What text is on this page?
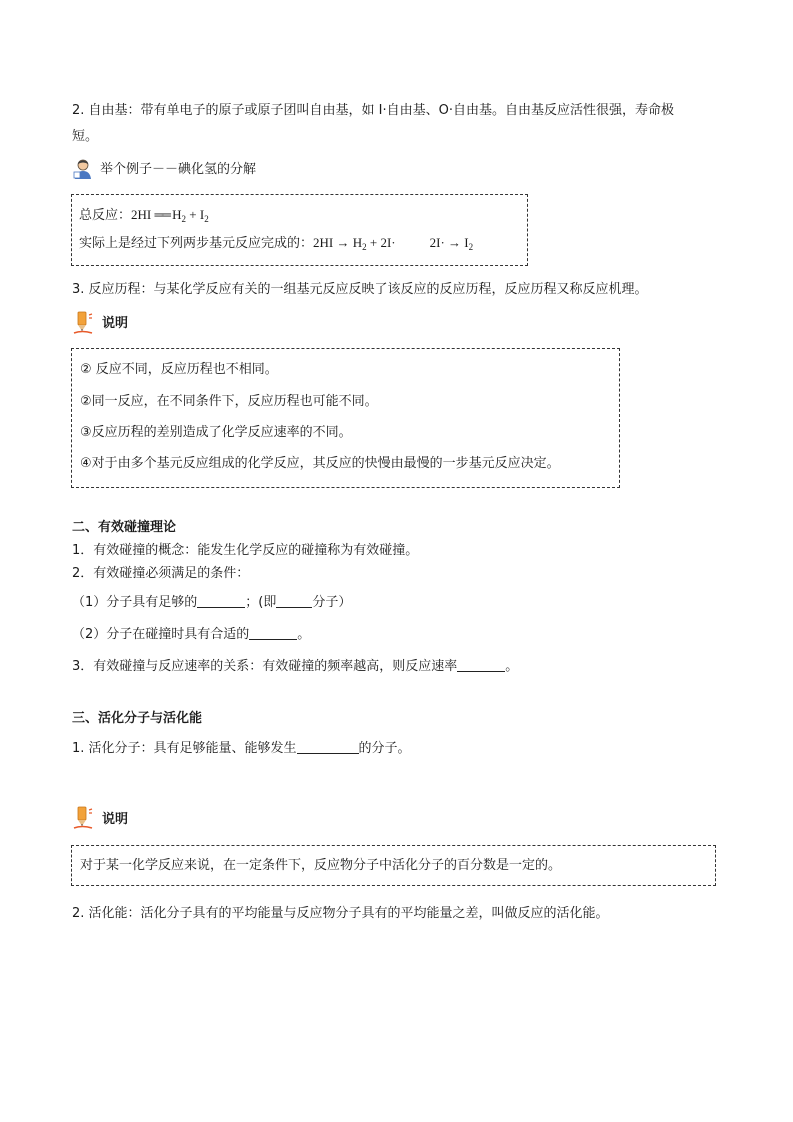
2. 自由基：带有单电子的原子或原子团叫自由基，如 I·自由基、O·自由基。自由基反应活性很强，寿命极
短。
举个例子－－碘化氢的分解
总反应：2HI ══ $H_2 + I_2$
实际上是经过下列两步基元反应完成的：$2HI \to H_2 + 2I\cdot$	$2I\cdot \to I_2$
3. 反应历程：与某化学反应有关的一组基元反应反映了该反应的反应历程，反应历程又称反应机理。
说明
② 反应不同，反应历程也不相同。
②同一反应，在不同条件下，反应历程也可能不同。
③反应历程的差别造成了化学反应速率的不同。
④对于由多个基元反应组成的化学反应，其反应的快慢由最慢的一步基元反应决定。
二、有效碰撞理论
1．有效碰撞的概念：能发生化学反应的碰撞称为有效碰撞。
2．有效碰撞必须满足的条件：
（1）分子具有足够的	；(即	分子）
（2）分子在碰撞时具有合适的	。
3．有效碰撞与反应速率的关系：有效碰撞的频率越高，则反应速率	。
三、活化分子与活化能
1. 活化分子：具有足够能量、能够发生	的分子。
说明
对于某一化学反应来说，在一定条件下，反应物分子中活化分子的百分数是一定的。
2. 活化能：活化分子具有的平均能量与反应物分子具有的平均能量之差，叫做反应的活化能。
